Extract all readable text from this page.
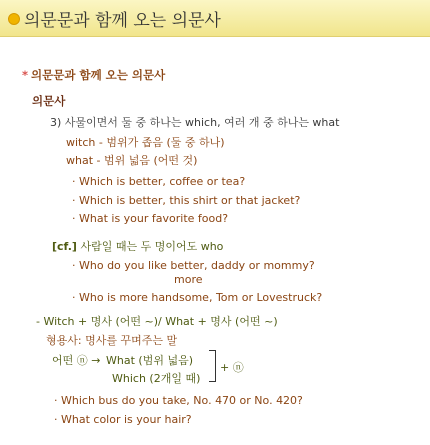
의문문과 함께 오는 의문사
* 의문문과 함께 오는 의문사
의문사
3) 사물이면서 둘 중 하나는 which, 여러 개 중 하나는 what
witch - 범위가 좁음 (둘 중 하나)
what - 범위 넓음 (어떤 것)
· Which is better, coffee or tea?
· Which is better, this shirt or that jacket?
· What is your favorite food?
[cf.] 사람일 때는 두 명이어도 who
· Who do you like better, daddy or mommy?
more
· Who is more handsome, Tom or Lovestruck?
- Witch + 명사 (어떤 ~)/ What + 명사 (어떤 ~)
형용사: 명사를 꾸며주는 말
어떤 ⓝ → What (범위 넓음)
Which (2개일 때)
+ ⓝ
· Which bus do you take, No. 470 or No. 420?
· What color is your hair?
